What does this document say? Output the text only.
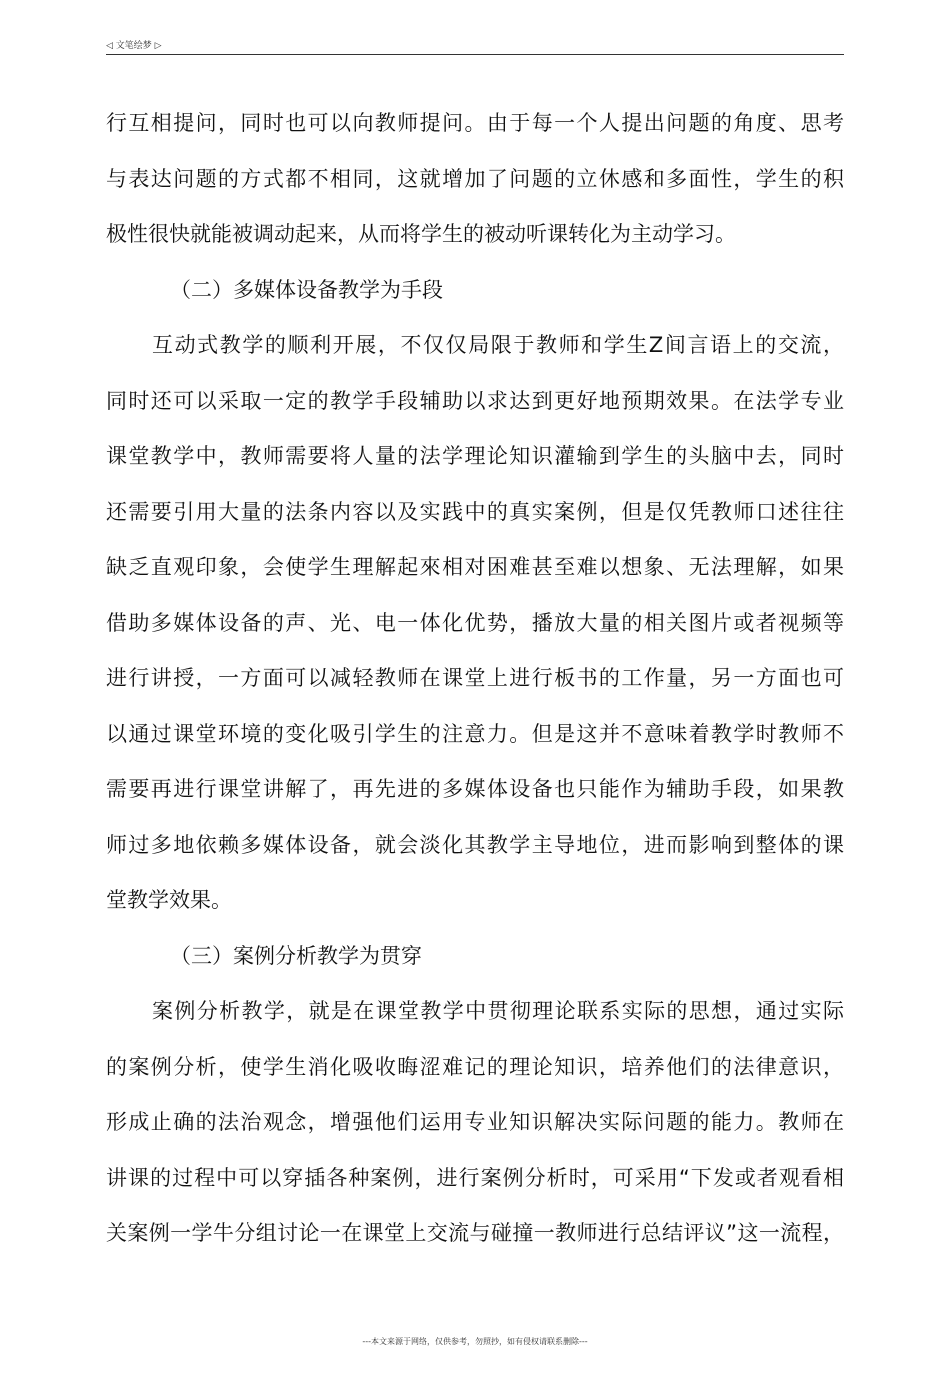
◁ 文笔绘梦 ▷
行互相提问，同时也可以向教师提问。由于每一个人提出问题的角度、思考
与表达问题的方式都不相同，这就增加了问题的立休感和多面性，学生的积
极性很快就能被调动起来，从而将学生的被动听课转化为主动学习。
（二）多媒体设备教学为手段
互动式教学的顺利开展，不仅仅局限于教师和学生Z间言语上的交流，
同时还可以采取一定的教学手段辅助以求达到更好地预期效果。在法学专业
课堂教学中，教师需要将人量的法学理论知识灌输到学生的头脑中去，同时
还需要引用大量的法条内容以及实践中的真实案例，但是仅凭教师口述往往
缺乏直观印象，会使学生理解起來相对困难甚至难以想象、无法理解，如果
借助多媒体设备的声、光、电一体化优势，播放大量的相关图片或者视频等
进行讲授，一方面可以减轻教师在课堂上进行板书的工作量，另一方面也可
以通过课堂环境的变化吸引学生的注意力。但是这并不意味着教学时教师不
需要再进行课堂讲解了，再先进的多媒体设备也只能作为辅助手段，如果教
师过多地依赖多媒体设备，就会淡化其教学主导地位，进而影响到整体的课
堂教学效果。
（三）案例分析教学为贯穿
案例分析教学，就是在课堂教学中贯彻理论联系实际的思想，通过实际
的案例分析，使学生消化吸收晦涩难记的理论知识，培养他们的法律意识，
形成止确的法治观念，增强他们运用专业知识解决实际问题的能力。教师在
讲课的过程中可以穿插各种案例，进行案例分析时，可采用“下发或者观看相
关案例一学牛分组讨论一在课堂上交流与碰撞一教师进行总结评议”这一流程，
---本文来源于网络，仅供参考，勿照抄，如有侵权请联系删除---
